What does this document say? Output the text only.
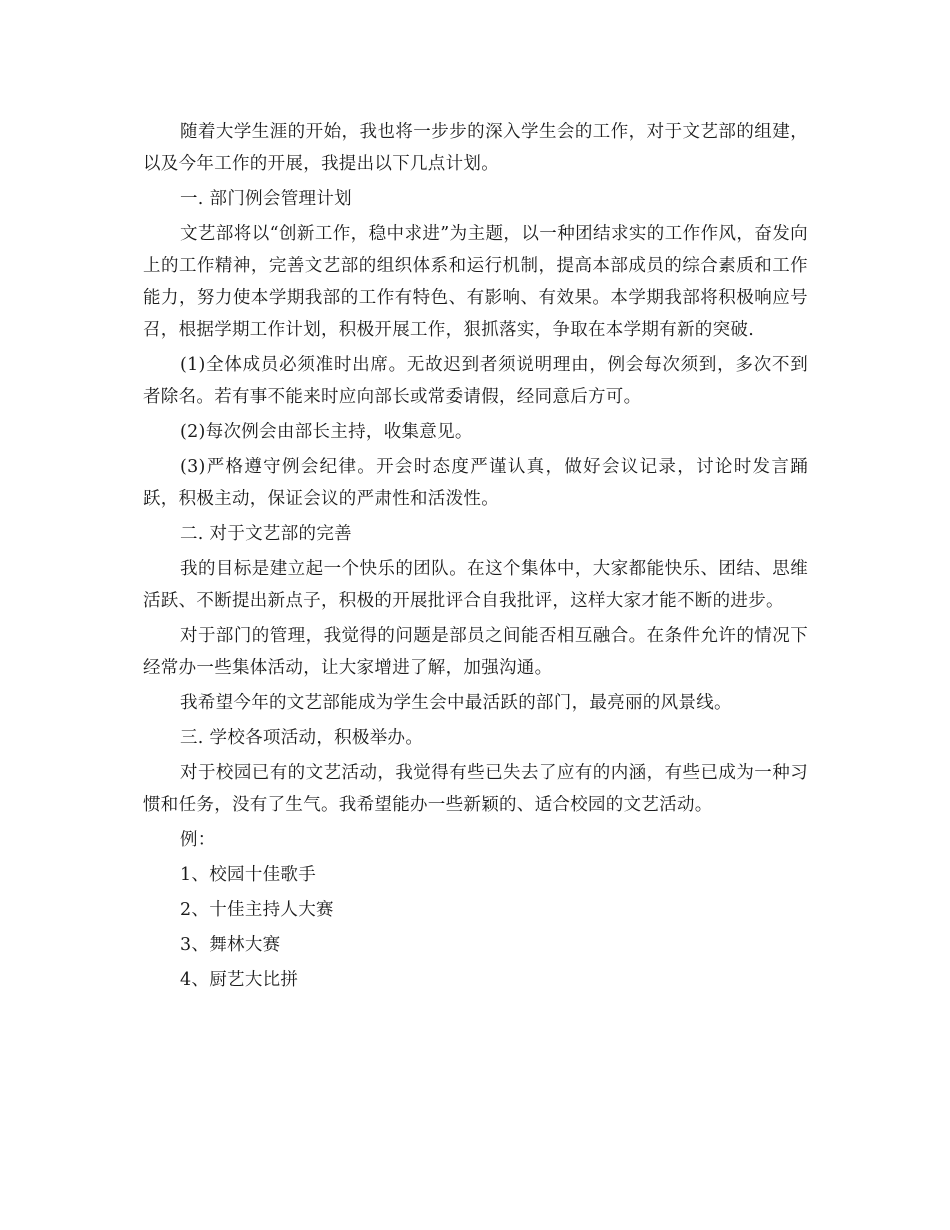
随着大学生涯的开始，我也将一步步的深入学生会的工作，对于文艺部的组建，以及今年工作的开展，我提出以下几点计划。

一. 部门例会管理计划

文艺部将以“创新工作，稳中求进”为主题，以一种团结求实的工作作风，奋发向上的工作精神，完善文艺部的组织体系和运行机制，提高本部成员的综合素质和工作能力，努力使本学期我部的工作有特色、有影响、有效果。本学期我部将积极响应号召，根据学期工作计划，积极开展工作，狠抓落实，争取在本学期有新的突破.

(1)全体成员必须准时出席。无故迟到者须说明理由，例会每次须到，多次不到者除名。若有事不能来时应向部长或常委请假，经同意后方可。

(2)每次例会由部长主持，收集意见。

(3)严格遵守例会纪律。开会时态度严谨认真，做好会议记录，讨论时发言踊跃，积极主动，保证会议的严肃性和活泼性。

二. 对于文艺部的完善

我的目标是建立起一个快乐的团队。在这个集体中，大家都能快乐、团结、思维活跃、不断提出新点子，积极的开展批评合自我批评，这样大家才能不断的进步。

对于部门的管理，我觉得的问题是部员之间能否相互融合。在条件允许的情况下经常办一些集体活动，让大家增进了解，加强沟通。

我希望今年的文艺部能成为学生会中最活跃的部门，最亮丽的风景线。

三. 学校各项活动，积极举办。

对于校园已有的文艺活动，我觉得有些已失去了应有的内涵，有些已成为一种习惯和任务，没有了生气。我希望能办一些新颖的、适合校园的文艺活动。

例：

1、校园十佳歌手

2、十佳主持人大赛

3、舞林大赛

4、厨艺大比拼
